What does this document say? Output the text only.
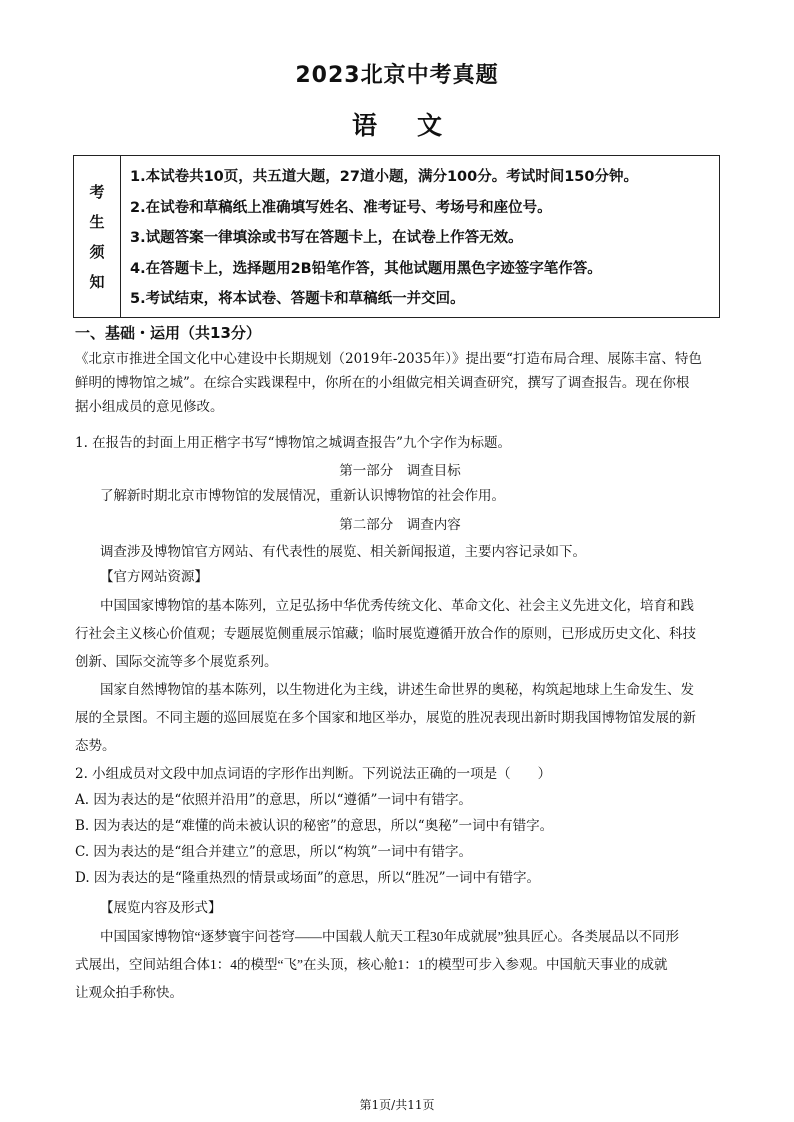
2023北京中考真题
语文
考
生
须
知
1.本试卷共10页，共五道大题，27道小题，满分100分。考试时间150分钟。
2.在试卷和草稿纸上准确填写姓名、准考证号、考场号和座位号。
3.试题答案一律填涂或书写在答题卡上，在试卷上作答无效。
4.在答题卡上，选择题用2B铅笔作答，其他试题用黑色字迹签字笔作答。
5.考试结束，将本试卷、答题卡和草稿纸一并交回。
一、基础・运用（共13分）
《北京市推进全国文化中心建设中长期规划（2019年-2035年）》提出要“打造布局合理、展陈丰富、特色
鲜明的博物馆之城”。在综合实践课程中，你所在的小组做完相关调查研究，撰写了调查报告。现在你根
据小组成员的意见修改。
1. 在报告的封面上用正楷字书写“博物馆之城调查报告”九个字作为标题。
第一部分　调查目标
了解新时期北京市博物馆的发展情况，重新认识博物馆的社会作用。
第二部分　调查内容
调查涉及博物馆官方网站、有代表性的展览、相关新闻报道，主要内容记录如下。
【官方网站资源】
中国国家博物馆的基本陈列，立足弘扬中华优秀传统文化、革命文化、社会主义先进文化，培育和践
行社会主义核心价值观；专题展览侧重展示馆藏；临时展览遵循开放合作的原则，已形成历史文化、科技
创新、国际交流等多个展览系列。
国家自然博物馆的基本陈列，以生物进化为主线，讲述生命世界的奥秘，构筑起地球上生命发生、发
展的全景图。不同主题的巡回展览在多个国家和地区举办，展览的胜况表现出新时期我国博物馆发展的新
态势。
2. 小组成员对文段中加点词语的字形作出判断。下列说法正确的一项是（　　）
A. 因为表达的是“依照并沿用”的意思，所以“遵循”一词中有错字。
B. 因为表达的是“难懂的尚未被认识的秘密”的意思，所以“奥秘”一词中有错字。
C. 因为表达的是“组合并建立”的意思，所以“构筑”一词中有错字。
D. 因为表达的是“隆重热烈的情景或场面”的意思，所以“胜况”一词中有错字。
【展览内容及形式】
中国国家博物馆“逐梦寰宇问苍穹——中国载人航天工程30年成就展”独具匠心。各类展品以不同形
式展出，空间站组合体1：4的模型“飞”在头顶，核心舱1：1的模型可步入参观。中国航天事业的成就
让观众拍手称快。
第1页/共11页
